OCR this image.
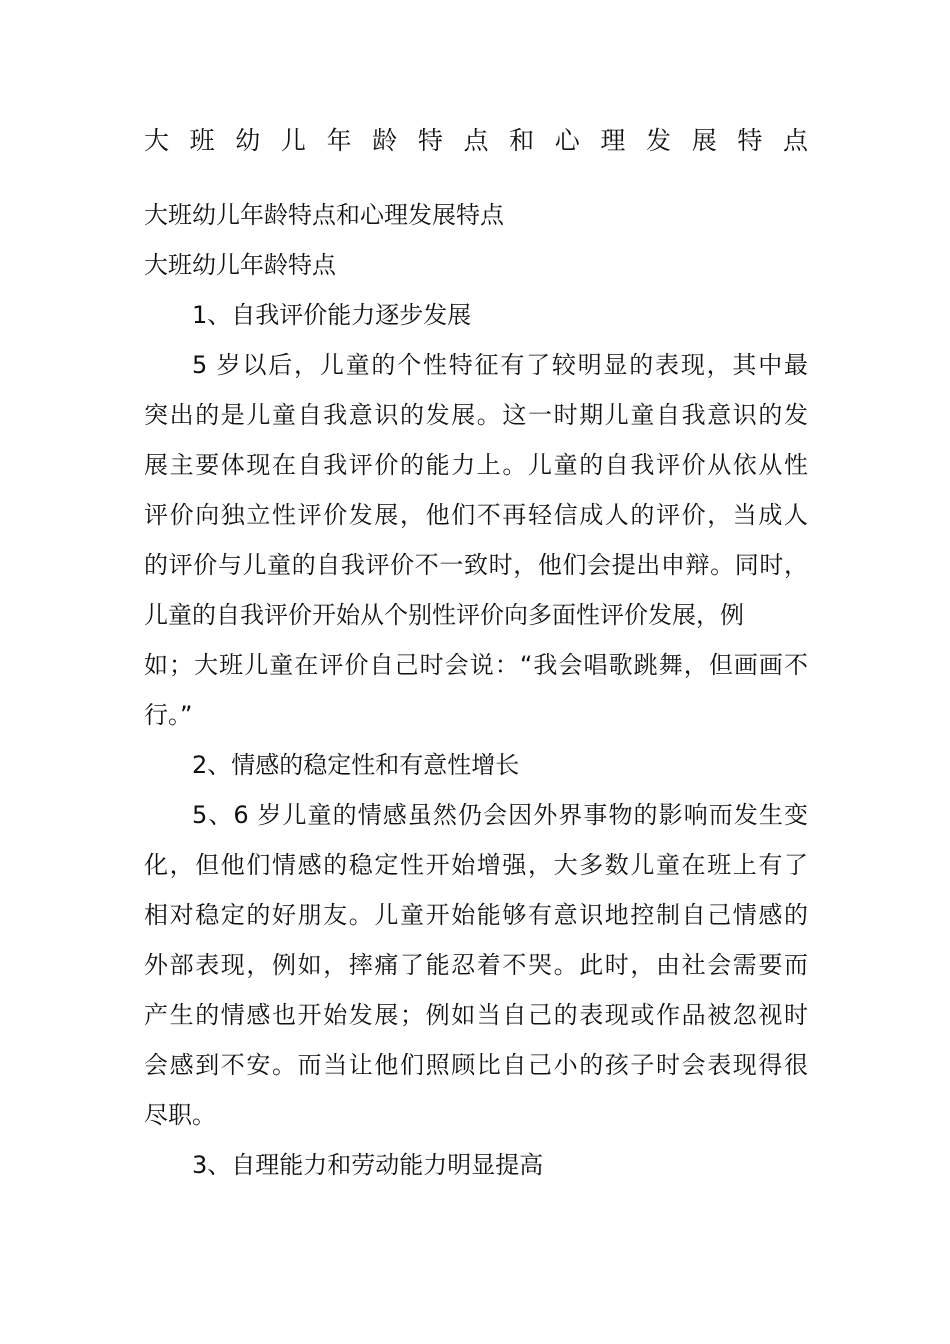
大 班 幼 儿 年 龄 特 点 和 心 理 发 展 特 点
大班幼儿年龄特点和心理发展特点
大班幼儿年龄特点
1、自我评价能力逐步发展
5 岁以后，儿童的个性特征有了较明显的表现，其中最
突出的是儿童自我意识的发展。这一时期儿童自我意识的发
展主要体现在自我评价的能力上。儿童的自我评价从依从性
评价向独立性评价发展，他们不再轻信成人的评价，当成人
的评价与儿童的自我评价不一致时，他们会提出申辩。同时，
儿童的自我评价开始从个别性评价向多面性评价发展，例
如；大班儿童在评价自己时会说：“我会唱歌跳舞，但画画不
行。”
2、情感的稳定性和有意性增长
5、6 岁儿童的情感虽然仍会因外界事物的影响而发生变
化，但他们情感的稳定性开始增强，大多数儿童在班上有了
相对稳定的好朋友。儿童开始能够有意识地控制自己情感的
外部表现，例如，摔痛了能忍着不哭。此时，由社会需要而
产生的情感也开始发展；例如当自己的表现或作品被忽视时
会感到不安。而当让他们照顾比自己小的孩子时会表现得很
尽职。
3、自理能力和劳动能力明显提高
